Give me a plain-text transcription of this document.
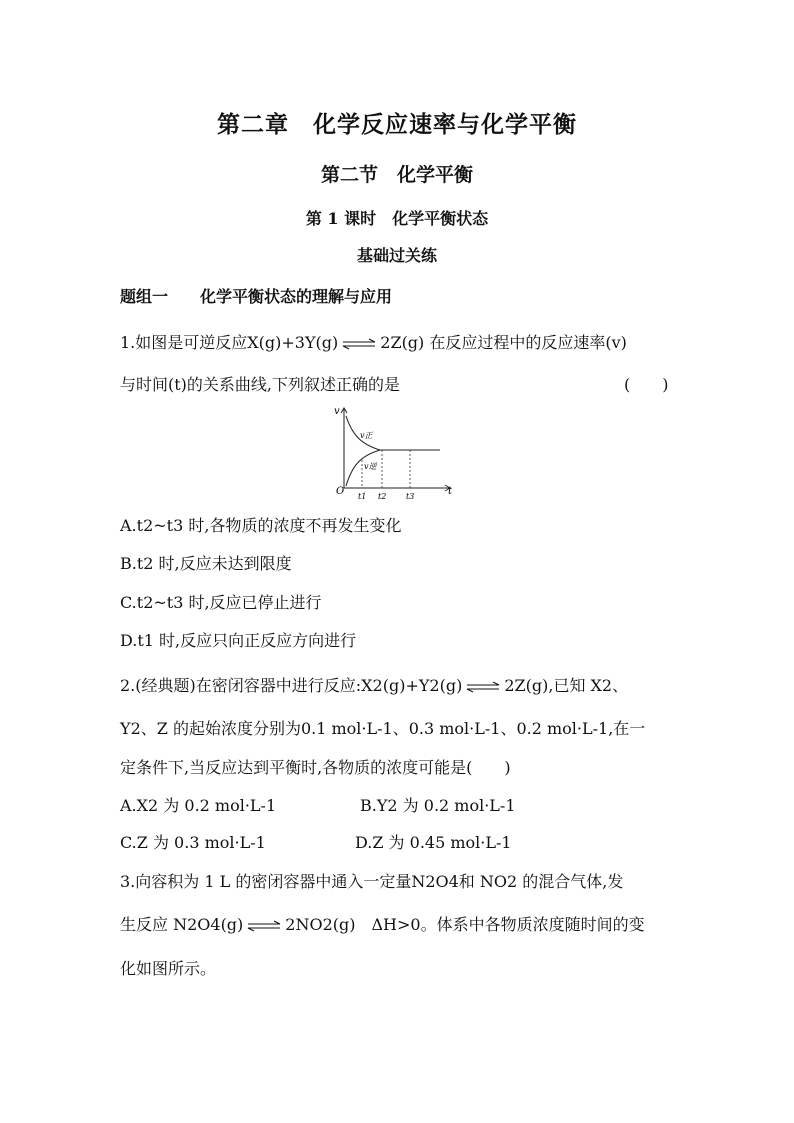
第二章　化学反应速率与化学平衡
第二节　化学平衡
第 1 课时　化学平衡状态
基础过关练
题组一　　化学平衡状态的理解与应用
1.如图是可逆反应X(g)+3Y(g) ⇌ 2Z(g) 在反应过程中的反应速率(v)
与时间(t)的关系曲线,下列叙述正确的是	(　　)
v
O	t
v正
v逆
t1 t2 t3
A.t2~t3 时,各物质的浓度不再发生变化
B.t2 时,反应未达到限度
C.t2~t3 时,反应已停止进行
D.t1 时,反应只向正反应方向进行
2.(经典题)在密闭容器中进行反应:X2(g)+Y2(g) ⇌ 2Z(g),已知 X2、
Y2、Z 的起始浓度分别为0.1 mol·L-1、0.3 mol·L-1、0.2 mol·L-1,在一
定条件下,当反应达到平衡时,各物质的浓度可能是(　　)
A.X2 为 0.2 mol·L-1	B.Y2 为 0.2 mol·L-1
C.Z 为 0.3 mol·L-1	D.Z 为 0.45 mol·L-1
3.向容积为 1 L 的密闭容器中通入一定量N2O4和 NO2 的混合气体,发
生反应 N2O4(g) ⇌ 2NO2(g)　ΔH>0。体系中各物质浓度随时间的变
化如图所示。
